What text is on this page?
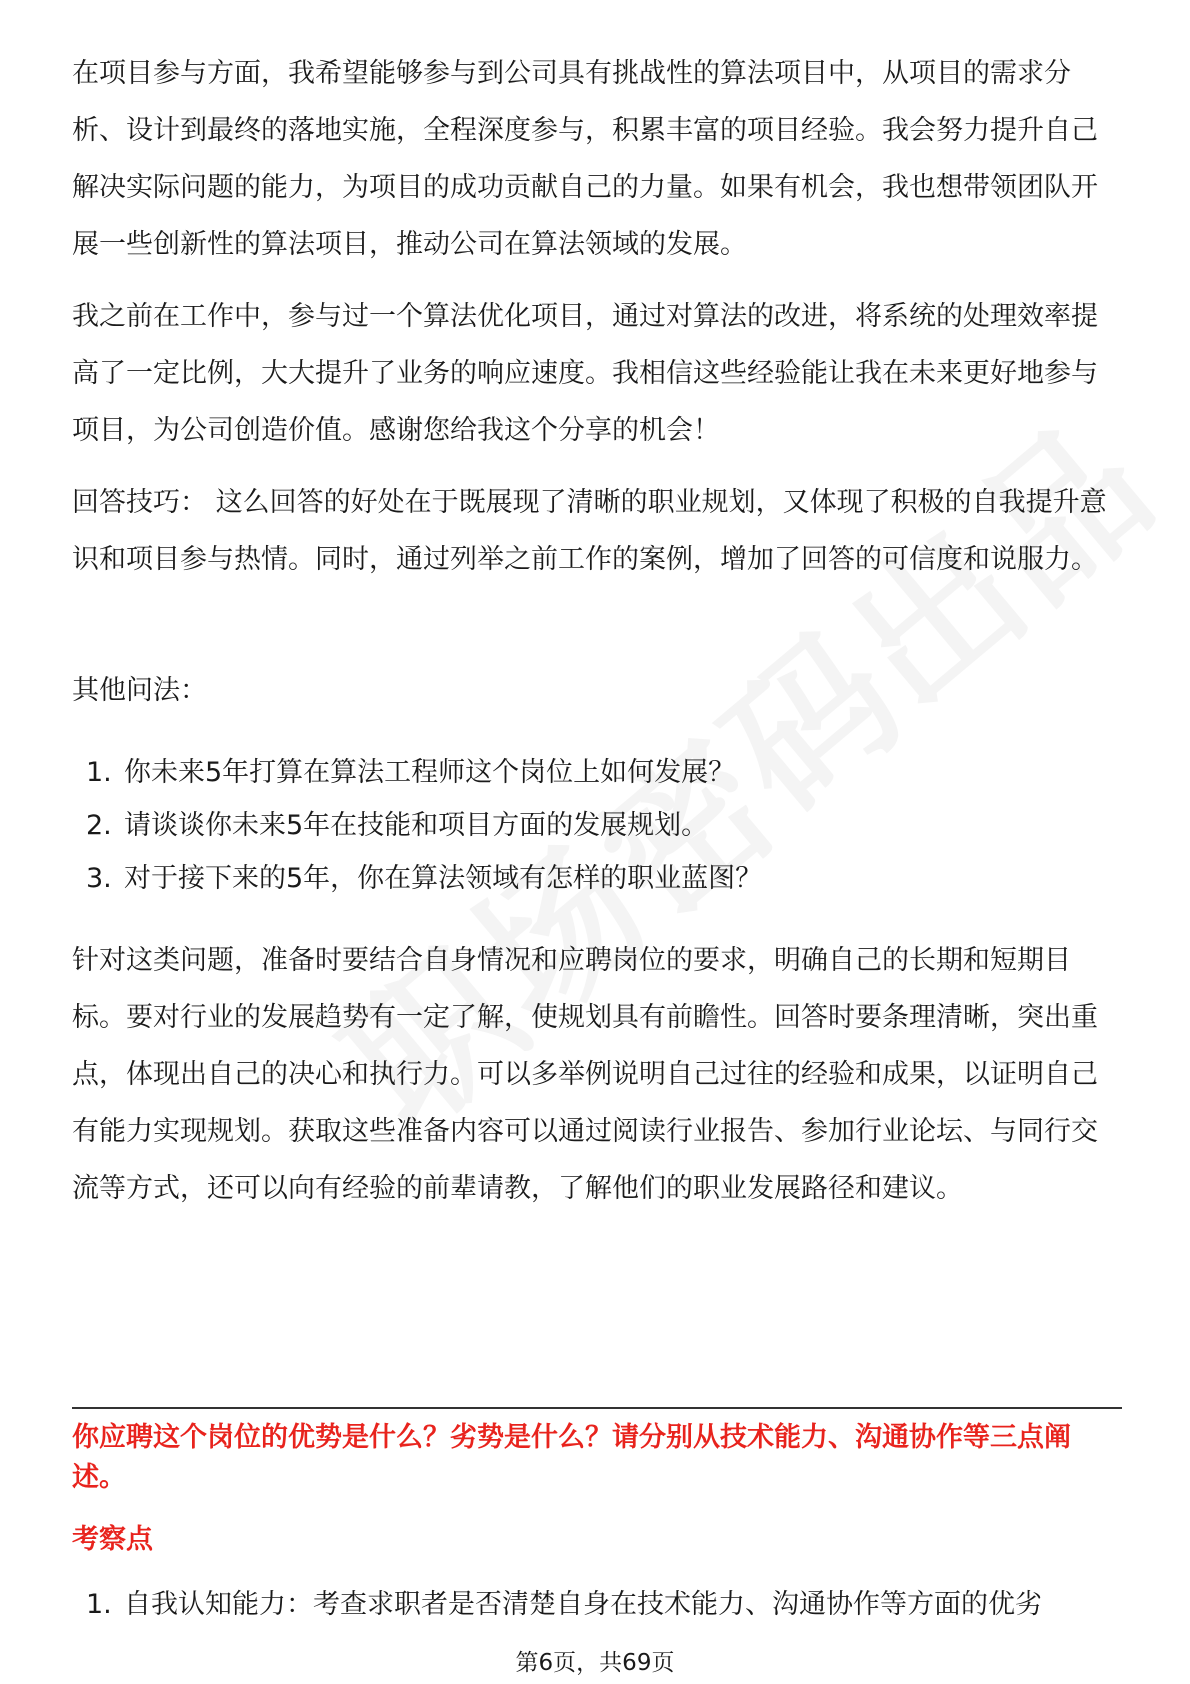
在项目参与方面，我希望能够参与到公司具有挑战性的算法项目中，从项目的需求分析、设计到最终的落地实施，全程深度参与，积累丰富的项目经验。我会努力提升自己解决实际问题的能力，为项目的成功贡献自己的力量。如果有机会，我也想带领团队开展一些创新性的算法项目，推动公司在算法领域的发展。

我之前在工作中，参与过一个算法优化项目，通过对算法的改进，将系统的处理效率提高了一定比例，大大提升了业务的响应速度。我相信这些经验能让我在未来更好地参与项目，为公司创造价值。感谢您给我这个分享的机会！

回答技巧： 这么回答的好处在于既展现了清晰的职业规划，又体现了积极的自我提升意识和项目参与热情。同时，通过列举之前工作的案例，增加了回答的可信度和说服力。

其他问法：

1. 你未来5年打算在算法工程师这个岗位上如何发展？
2. 请谈谈你未来5年在技能和项目方面的发展规划。
3. 对于接下来的5年，你在算法领域有怎样的职业蓝图？

针对这类问题，准备时要结合自身情况和应聘岗位的要求，明确自己的长期和短期目标。要对行业的发展趋势有一定了解，使规划具有前瞻性。回答时要条理清晰，突出重点，体现出自己的决心和执行力。可以多举例说明自己过往的经验和成果，以证明自己有能力实现规划。获取这些准备内容可以通过阅读行业报告、参加行业论坛、与同行交流等方式，还可以向有经验的前辈请教，了解他们的职业发展路径和建议。

你应聘这个岗位的优势是什么？劣势是什么？请分别从技术能力、沟通协作等三点阐述。

考察点
1. 自我认知能力：考查求职者是否清楚自身在技术能力、沟通协作等方面的优劣
第6页，共69页
